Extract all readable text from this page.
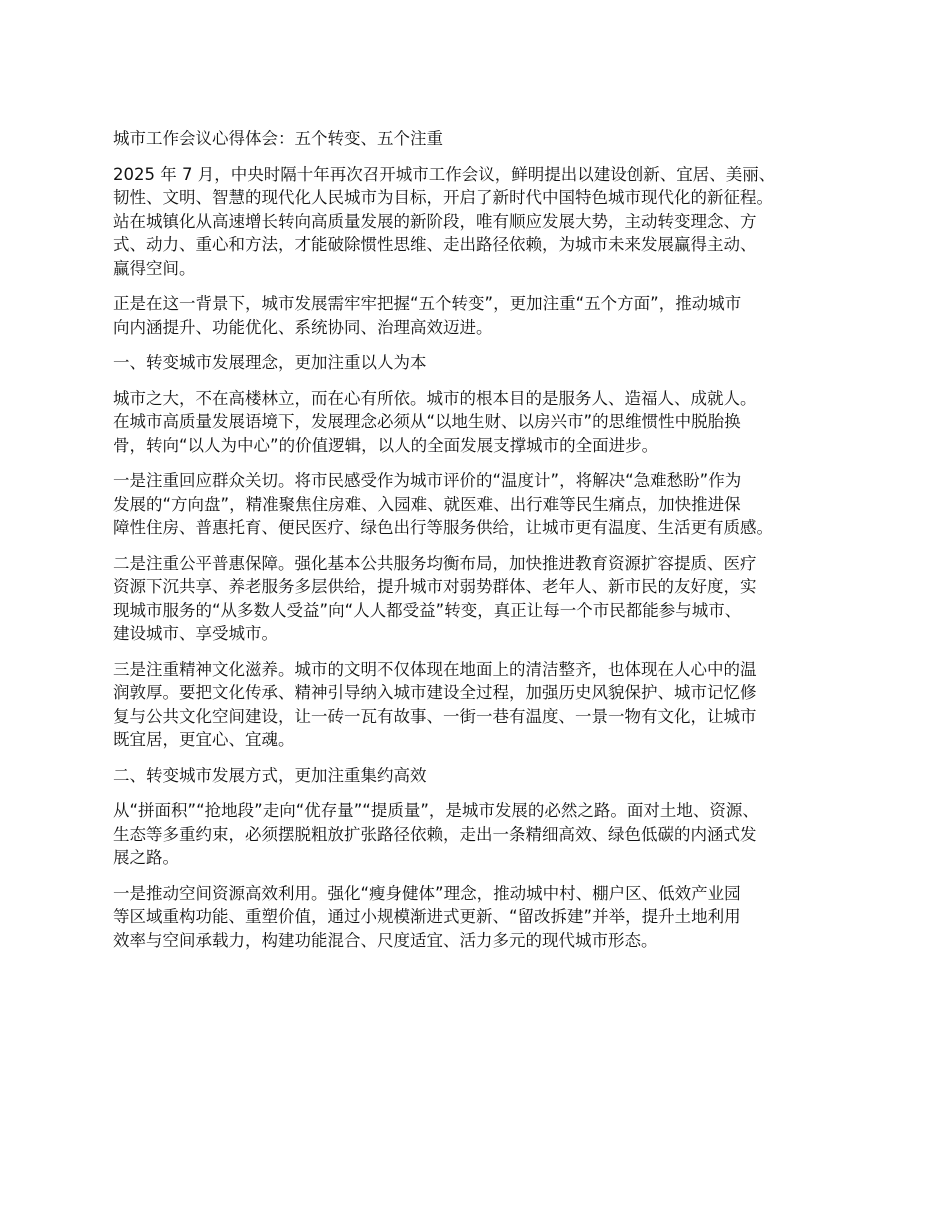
城市工作会议心得体会：五个转变、五个注重
2025 年 7 月，中央时隔十年再次召开城市工作会议，鲜明提出以建设创新、宜居、美丽、
韧性、文明、智慧的现代化人民城市为目标，开启了新时代中国特色城市现代化的新征程。
站在城镇化从高速增长转向高质量发展的新阶段，唯有顺应发展大势，主动转变理念、方
式、动力、重心和方法，才能破除惯性思维、走出路径依赖，为城市未来发展赢得主动、
赢得空间。
正是在这一背景下，城市发展需牢牢把握“五个转变”，更加注重“五个方面”，推动城市
向内涵提升、功能优化、系统协同、治理高效迈进。
一、转变城市发展理念，更加注重以人为本
城市之大，不在高楼林立，而在心有所依。城市的根本目的是服务人、造福人、成就人。
在城市高质量发展语境下，发展理念必须从“以地生财、以房兴市”的思维惯性中脱胎换
骨，转向“以人为中心”的价值逻辑，以人的全面发展支撑城市的全面进步。
一是注重回应群众关切。将市民感受作为城市评价的“温度计”，将解决“急难愁盼”作为
发展的“方向盘”，精准聚焦住房难、入园难、就医难、出行难等民生痛点，加快推进保
障性住房、普惠托育、便民医疗、绿色出行等服务供给，让城市更有温度、生活更有质感。
二是注重公平普惠保障。强化基本公共服务均衡布局，加快推进教育资源扩容提质、医疗
资源下沉共享、养老服务多层供给，提升城市对弱势群体、老年人、新市民的友好度，实
现城市服务的“从多数人受益”向“人人都受益”转变，真正让每一个市民都能参与城市、
建设城市、享受城市。
三是注重精神文化滋养。城市的文明不仅体现在地面上的清洁整齐，也体现在人心中的温
润敦厚。要把文化传承、精神引导纳入城市建设全过程，加强历史风貌保护、城市记忆修
复与公共文化空间建设，让一砖一瓦有故事、一街一巷有温度、一景一物有文化，让城市
既宜居，更宜心、宜魂。
二、转变城市发展方式，更加注重集约高效
从“拼面积”“抢地段”走向“优存量”“提质量”，是城市发展的必然之路。面对土地、资源、
生态等多重约束，必须摆脱粗放扩张路径依赖，走出一条精细高效、绿色低碳的内涵式发
展之路。
一是推动空间资源高效利用。强化“瘦身健体”理念，推动城中村、棚户区、低效产业园
等区域重构功能、重塑价值，通过小规模渐进式更新、“留改拆建”并举，提升土地利用
效率与空间承载力，构建功能混合、尺度适宜、活力多元的现代城市形态。
